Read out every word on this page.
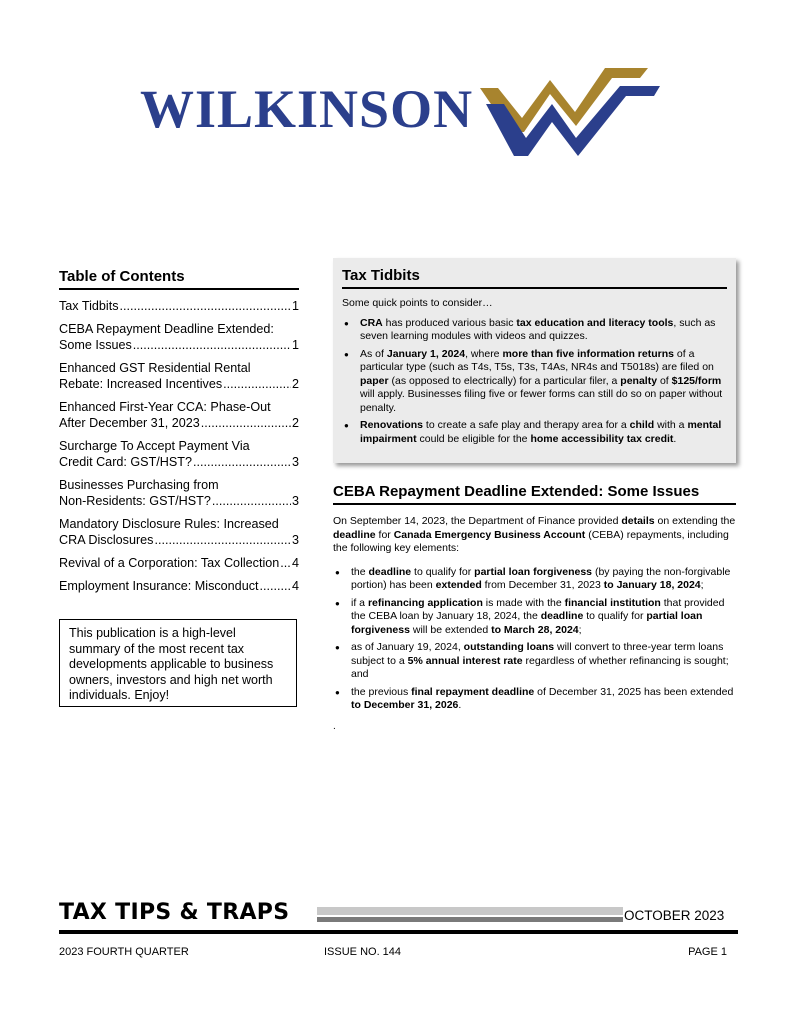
WILKINSON
Table of Contents
Tax Tidbits .....	1
CEBA Repayment Deadline Extended:
Some Issues .....	1
Enhanced GST Residential Rental
Rebate: Increased Incentives .....	2
Enhanced First-Year CCA: Phase-Out
After December 31, 2023 .....	2
Surcharge To Accept Payment Via
Credit Card: GST/HST? .....	3
Businesses Purchasing from
Non-Residents: GST/HST? .....	3
Mandatory Disclosure Rules: Increased
CRA Disclosures .....	3
Revival of a Corporation: Tax Collection ..... 4
Employment Insurance: Misconduct .....	4
This publication is a high-level summary of the most recent tax developments applicable to business owners, investors and high net worth individuals. Enjoy!
Tax Tidbits
Some quick points to consider…
● CRA has produced various basic tax education and literacy tools, such as seven learning modules with videos and quizzes.
● As of January 1, 2024, where more than five information returns of a particular type (such as T4s, T5s, T3s, T4As, NR4s and T5018s) are filed on paper (as opposed to electrically) for a particular filer, a penalty of $125/form will apply. Businesses filing five or fewer forms can still do so on paper without penalty.
● Renovations to create a safe play and therapy area for a child with a mental impairment could be eligible for the home accessibility tax credit.
CEBA Repayment Deadline Extended: Some Issues
On September 14, 2023, the Department of Finance provided details on extending the deadline for Canada Emergency Business Account (CEBA) repayments, including the following key elements:
● the deadline to qualify for partial loan forgiveness (by paying the non-forgivable portion) has been extended from December 31, 2023 to January 18, 2024;
● if a refinancing application is made with the financial institution that provided the CEBA loan by January 18, 2024, the deadline to qualify for partial loan forgiveness will be extended to March 28, 2024;
● as of January 19, 2024, outstanding loans will convert to three-year term loans subject to a 5% annual interest rate regardless of whether refinancing is sought; and
● the previous final repayment deadline of December 31, 2025 has been extended to December 31, 2026.
.
TAX TIPS & TRAPS	OCTOBER 2023
2023 FOURTH QUARTER	ISSUE NO. 144	PAGE 1
